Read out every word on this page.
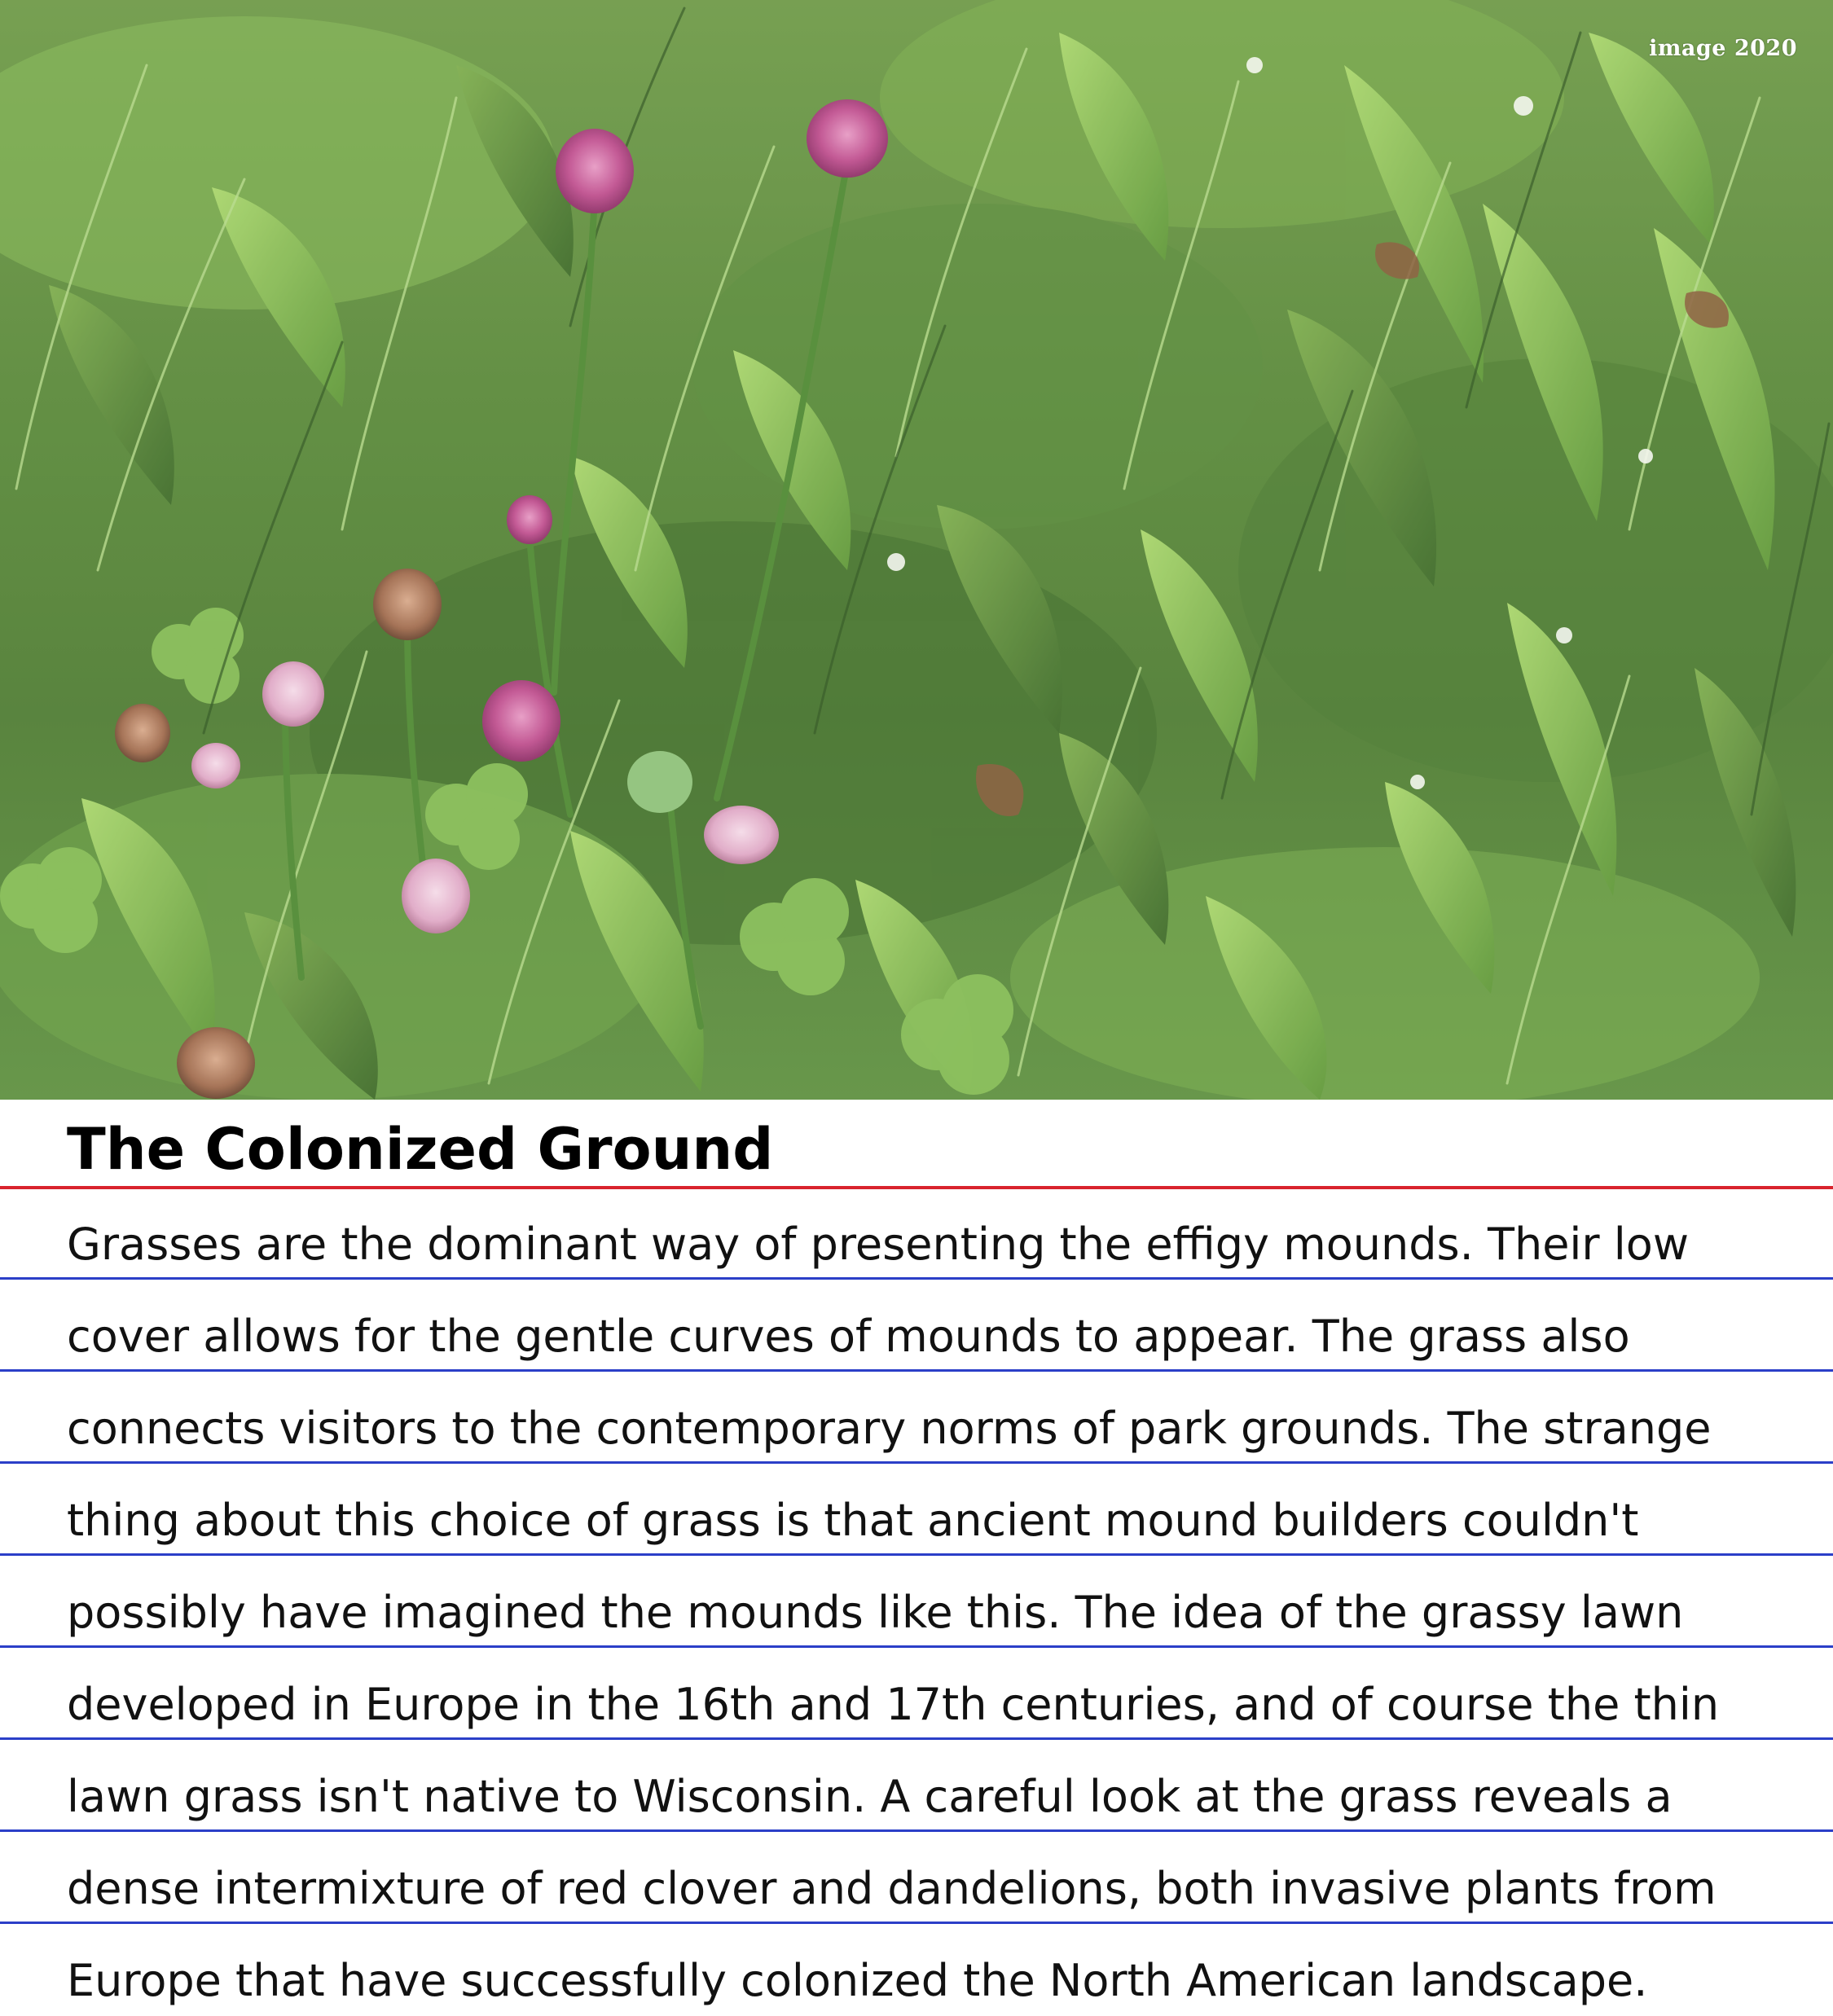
image 2020
The Colonized Ground

Grasses are the dominant way of presenting the effigy mounds. Their low

cover allows for the gentle curves of mounds to appear. The grass also

connects visitors to the contemporary norms of park grounds. The strange

thing about this choice of grass is that ancient mound builders couldn't

possibly have imagined the mounds like this. The idea of the grassy lawn

developed in Europe in the 16th and 17th centuries, and of course the thin

lawn grass isn't native to Wisconsin. A careful look at the grass reveals a

dense intermixture of red clover and dandelions, both invasive plants from

Europe that have successfully colonized the North American landscape.
